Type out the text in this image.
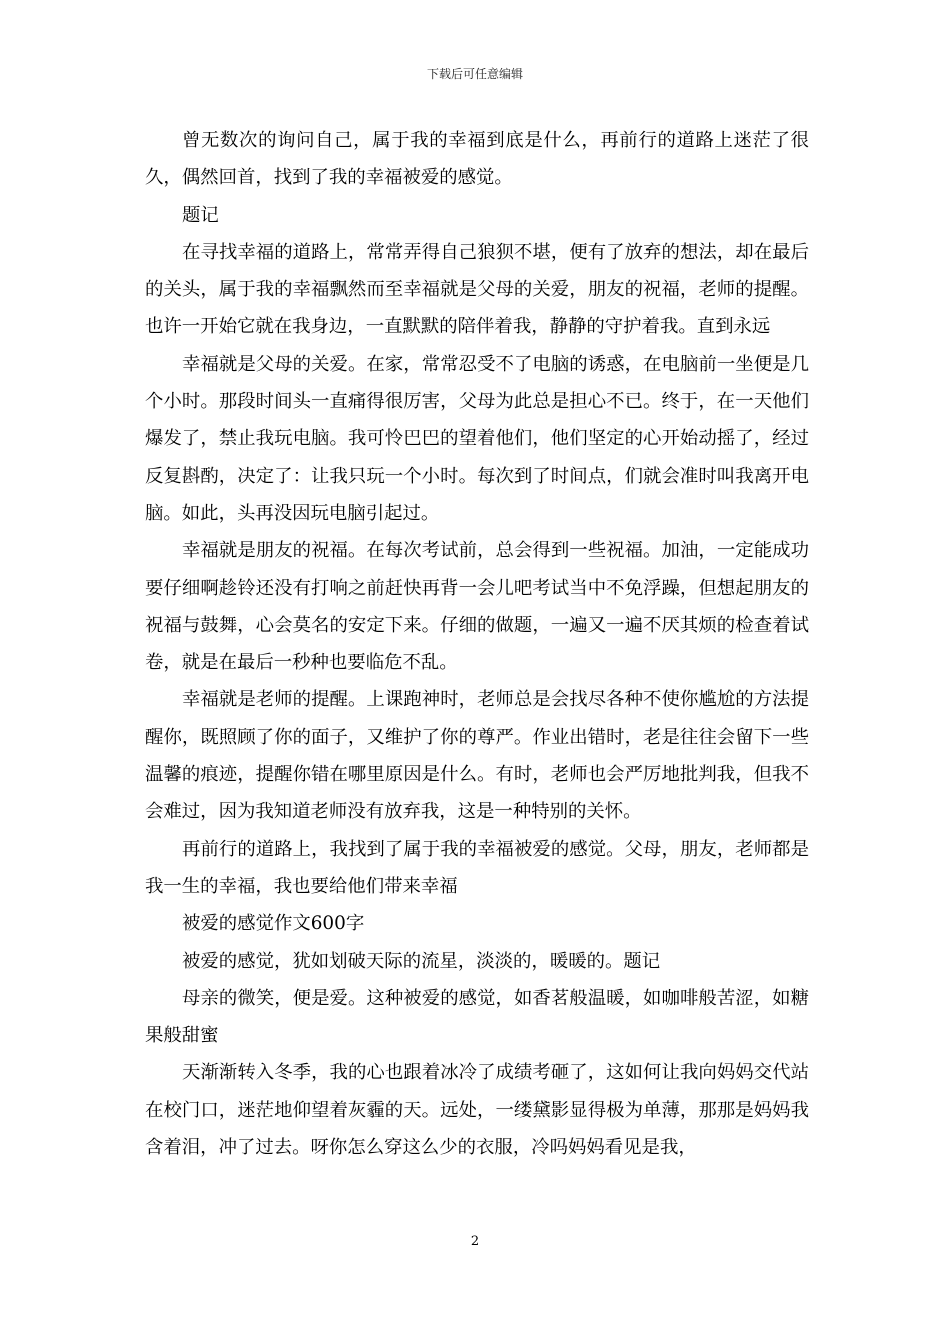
下载后可任意编辑

曾无数次的询问自己，属于我的幸福到底是什么，再前行的道路上迷茫了很久，偶然回首，找到了我的幸福被爱的感觉。

题记

在寻找幸福的道路上，常常弄得自己狼狈不堪，便有了放弃的想法，却在最后的关头，属于我的幸福飘然而至幸福就是父母的关爱，朋友的祝福，老师的提醒。也许一开始它就在我身边，一直默默的陪伴着我，静静的守护着我。直到永远

幸福就是父母的关爱。在家，常常忍受不了电脑的诱惑，在电脑前一坐便是几个小时。那段时间头一直痛得很厉害，父母为此总是担心不已。终于，在一天他们爆发了，禁止我玩电脑。我可怜巴巴的望着他们，他们坚定的心开始动摇了，经过反复斟酌，决定了：让我只玩一个小时。每次到了时间点，们就会准时叫我离开电脑。如此，头再没因玩电脑引起过。

幸福就是朋友的祝福。在每次考试前，总会得到一些祝福。加油，一定能成功要仔细啊趁铃还没有打响之前赶快再背一会儿吧考试当中不免浮躁，但想起朋友的祝福与鼓舞，心会莫名的安定下来。仔细的做题，一遍又一遍不厌其烦的检查着试卷，就是在最后一秒种也要临危不乱。

幸福就是老师的提醒。上课跑神时，老师总是会找尽各种不使你尴尬的方法提醒你，既照顾了你的面子，又维护了你的尊严。作业出错时，老是往往会留下一些温馨的痕迹，提醒你错在哪里原因是什么。有时，老师也会严厉地批判我，但我不会难过，因为我知道老师没有放弃我，这是一种特别的关怀。

再前行的道路上，我找到了属于我的幸福被爱的感觉。父母，朋友，老师都是我一生的幸福，我也要给他们带来幸福

被爱的感觉作文600字

被爱的感觉，犹如划破天际的流星，淡淡的，暖暖的。题记

母亲的微笑，便是爱。这种被爱的感觉，如香茗般温暖，如咖啡般苦涩，如糖果般甜蜜

天渐渐转入冬季，我的心也跟着冰冷了成绩考砸了，这如何让我向妈妈交代站在校门口，迷茫地仰望着灰霾的天。远处，一缕黛影显得极为单薄，那那是妈妈我含着泪，冲了过去。呀你怎么穿这么少的衣服，冷吗妈妈看见是我，

2
